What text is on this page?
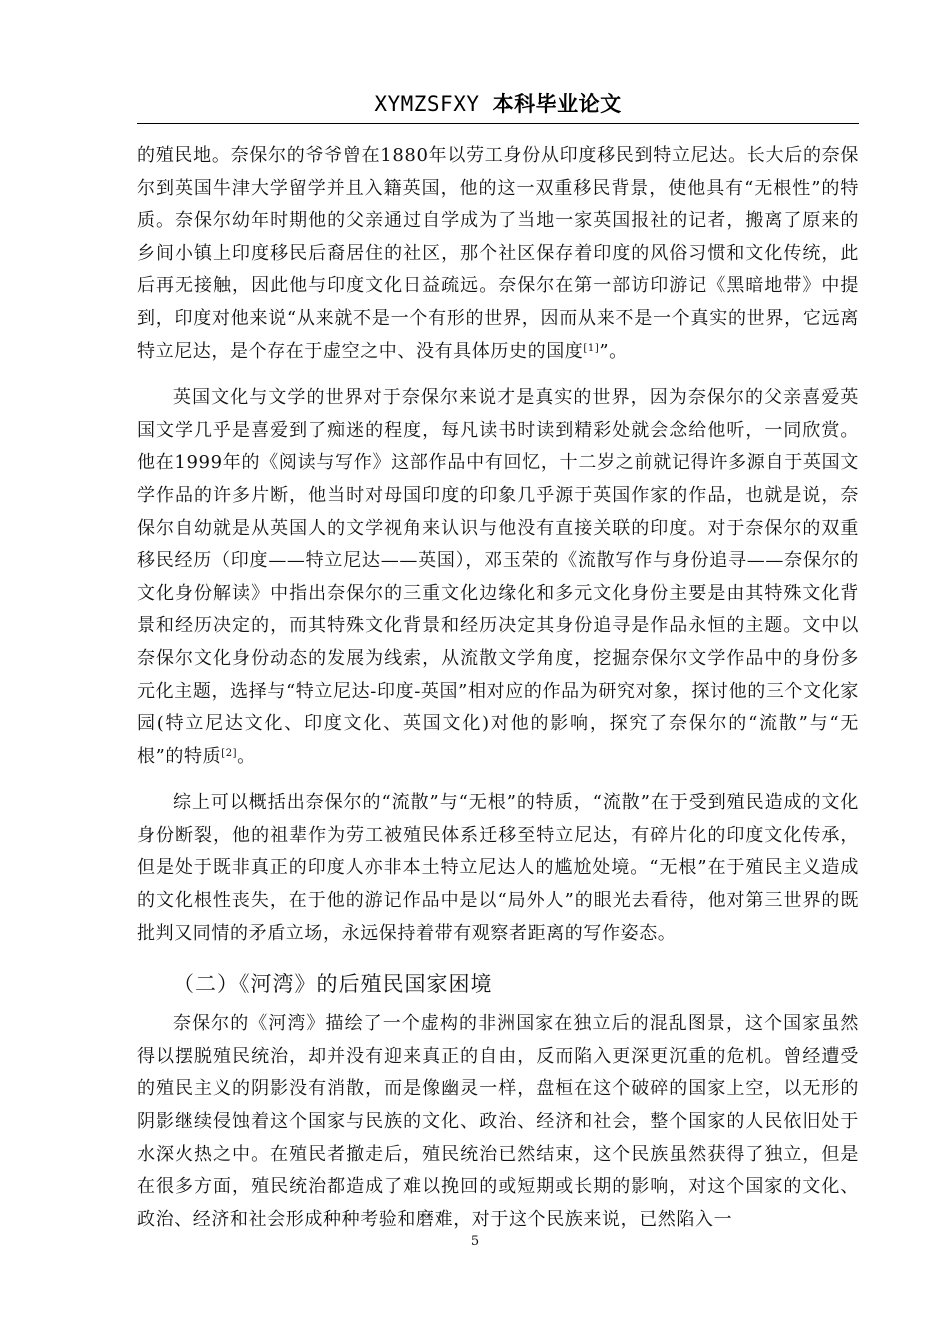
XYMZSFXY 本科毕业论文

的殖民地。奈保尔的爷爷曾在1880年以劳工身份从印度移民到特立尼达。长大后的奈保尔到英国牛津大学留学并且入籍英国，他的这一双重移民背景，使他具有“无根性”的特质。奈保尔幼年时期他的父亲通过自学成为了当地一家英国报社的记者，搬离了原来的乡间小镇上印度移民后裔居住的社区，那个社区保存着印度的风俗习惯和文化传统，此后再无接触，因此他与印度文化日益疏远。奈保尔在第一部访印游记《黑暗地带》中提到，印度对他来说“从来就不是一个有形的世界，因而从来不是一个真实的世界，它远离特立尼达，是个存在于虚空之中、没有具体历史的国度[1]”。

英国文化与文学的世界对于奈保尔来说才是真实的世界，因为奈保尔的父亲喜爱英国文学几乎是喜爱到了痴迷的程度，每凡读书时读到精彩处就会念给他听，一同欣赏。他在1999年的《阅读与写作》这部作品中有回忆，十二岁之前就记得许多源自于英国文学作品的许多片断，他当时对母国印度的印象几乎源于英国作家的作品，也就是说，奈保尔自幼就是从英国人的文学视角来认识与他没有直接关联的印度。对于奈保尔的双重移民经历（印度——特立尼达——英国），邓玉荣的《流散写作与身份追寻——奈保尔的文化身份解读》中指出奈保尔的三重文化边缘化和多元文化身份主要是由其特殊文化背景和经历决定的，而其特殊文化背景和经历决定其身份追寻是作品永恒的主题。文中以奈保尔文化身份动态的发展为线索，从流散文学角度，挖掘奈保尔文学作品中的身份多元化主题，选择与“特立尼达-印度-英国”相对应的作品为研究对象，探讨他的三个文化家园(特立尼达文化、印度文化、英国文化)对他的影响，探究了奈保尔的“流散”与“无根”的特质[2]。

综上可以概括出奈保尔的“流散”与“无根”的特质，“流散”在于受到殖民造成的文化身份断裂，他的祖辈作为劳工被殖民体系迁移至特立尼达，有碎片化的印度文化传承，但是处于既非真正的印度人亦非本土特立尼达人的尴尬处境。“无根”在于殖民主义造成的文化根性丧失，在于他的游记作品中是以“局外人”的眼光去看待，他对第三世界的既批判又同情的矛盾立场，永远保持着带有观察者距离的写作姿态。

（二）《河湾》的后殖民国家困境

奈保尔的《河湾》描绘了一个虚构的非洲国家在独立后的混乱图景，这个国家虽然得以摆脱殖民统治，却并没有迎来真正的自由，反而陷入更深更沉重的危机。曾经遭受的殖民主义的阴影没有消散，而是像幽灵一样，盘桓在这个破碎的国家上空，以无形的阴影继续侵蚀着这个国家与民族的文化、政治、经济和社会，整个国家的人民依旧处于水深火热之中。在殖民者撤走后，殖民统治已然结束，这个民族虽然获得了独立，但是在很多方面，殖民统治都造成了难以挽回的或短期或长期的影响，对这个国家的文化、政治、经济和社会形成种种考验和磨难，对于这个民族来说，已然陷入一

5
